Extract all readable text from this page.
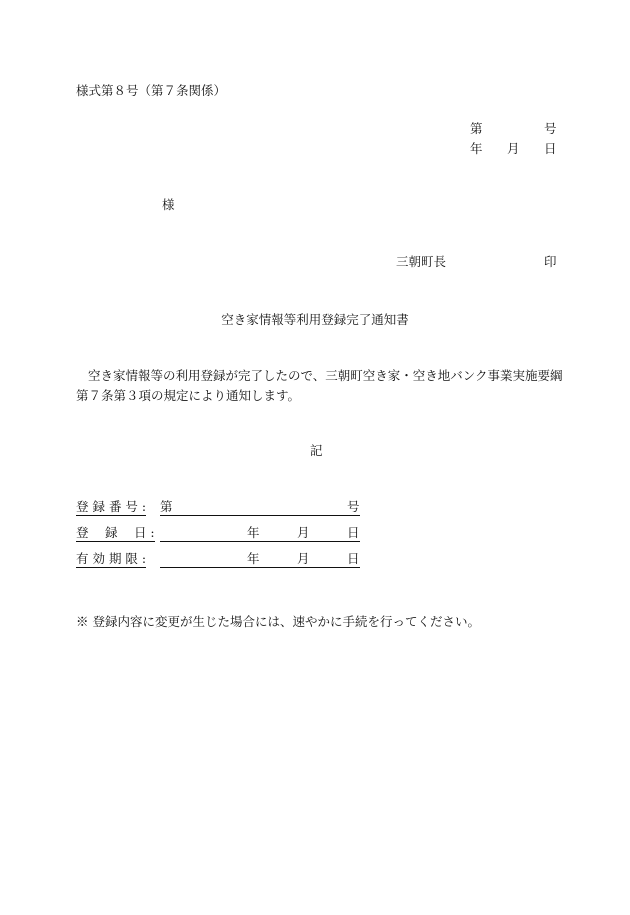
様式第８号（第７条関係）
第	号
年 月 日
様
三朝町長	印
空き家情報等利用登録完了通知書
空き家情報等の利用登録が完了したので、三朝町空き家・空き地バンク事業実施要綱
第７条第３項の規定により通知します。
記
登 録 番 号 : 第	号
登　 録　 日 :	年	月	日

有 効 期 限 :	年	月	日

※ 登録内容に変更が生じた場合には、速やかに手続を行ってください。
